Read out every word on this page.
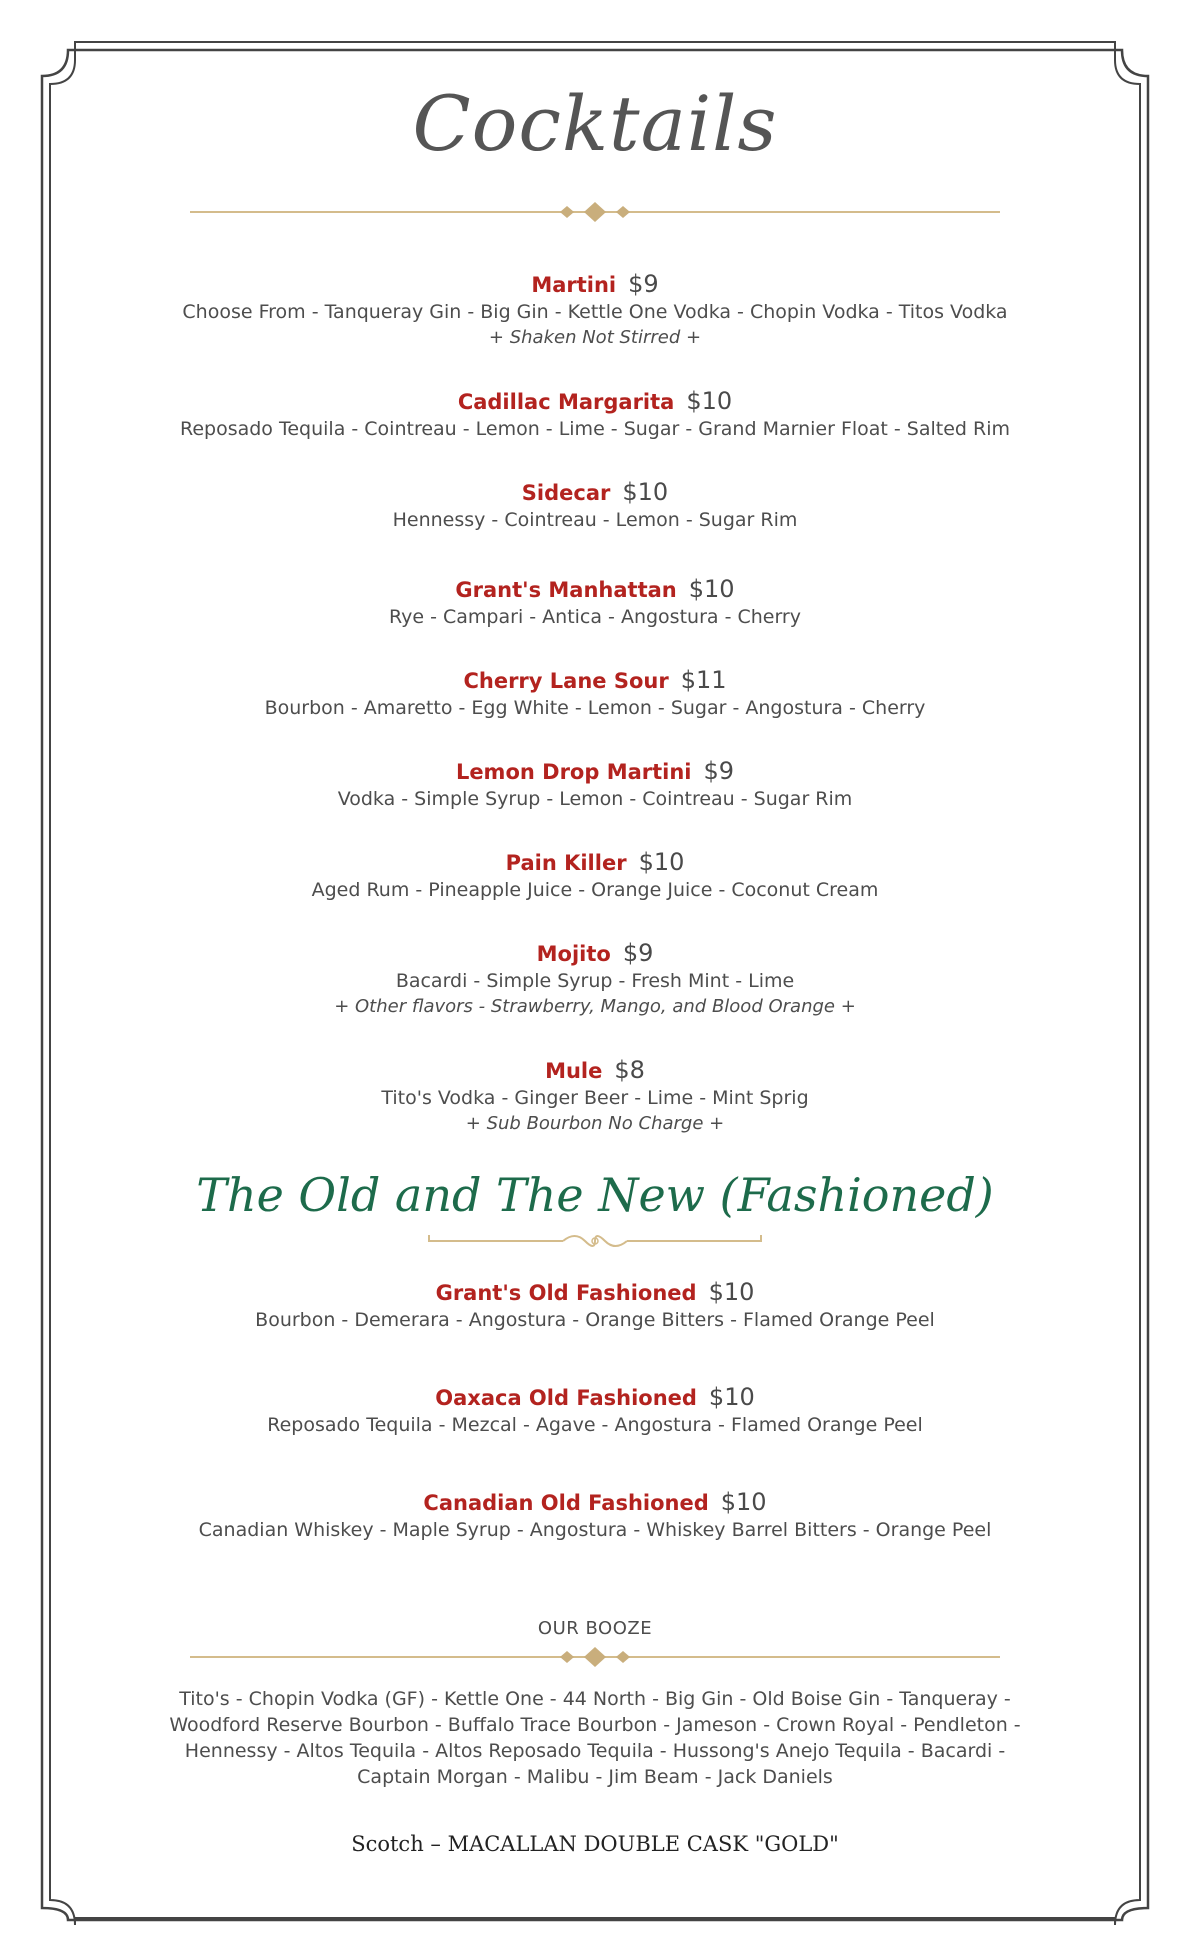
Cocktails
Martini $9
Choose From - Tanqueray Gin - Big Gin - Kettle One Vodka - Chopin Vodka - Titos Vodka
+ Shaken Not Stirred +
Cadillac Margarita $10
Reposado Tequila - Cointreau - Lemon - Lime - Sugar - Grand Marnier Float - Salted Rim
Sidecar $10
Hennessy - Cointreau - Lemon - Sugar Rim
Grant's Manhattan $10
Rye - Campari - Antica - Angostura - Cherry
Cherry Lane Sour $11
Bourbon - Amaretto - Egg White - Lemon - Sugar - Angostura - Cherry
Lemon Drop Martini $9
Vodka - Simple Syrup - Lemon - Cointreau - Sugar Rim
Pain Killer $10
Aged Rum - Pineapple Juice - Orange Juice - Coconut Cream
Mojito $9
Bacardi - Simple Syrup - Fresh Mint - Lime
+ Other flavors - Strawberry, Mango, and Blood Orange +
Mule $8
Tito's Vodka - Ginger Beer - Lime - Mint Sprig
+ Sub Bourbon No Charge +
The Old and The New (Fashioned)
Grant's Old Fashioned $10
Bourbon - Demerara - Angostura - Orange Bitters - Flamed Orange Peel
Oaxaca Old Fashioned $10
Reposado Tequila - Mezcal - Agave - Angostura - Flamed Orange Peel
Canadian Old Fashioned $10
Canadian Whiskey - Maple Syrup - Angostura - Whiskey Barrel Bitters - Orange Peel
OUR BOOZE
Tito's - Chopin Vodka (GF) - Kettle One - 44 North - Big Gin - Old Boise Gin - Tanqueray - Woodford Reserve Bourbon - Buffalo Trace Bourbon - Jameson - Crown Royal - Pendleton - Hennessy - Altos Tequila - Altos Reposado Tequila - Hussong's Anejo Tequila - Bacardi - Captain Morgan - Malibu - Jim Beam - Jack Daniels
Scotch – MACALLAN DOUBLE CASK "GOLD"
